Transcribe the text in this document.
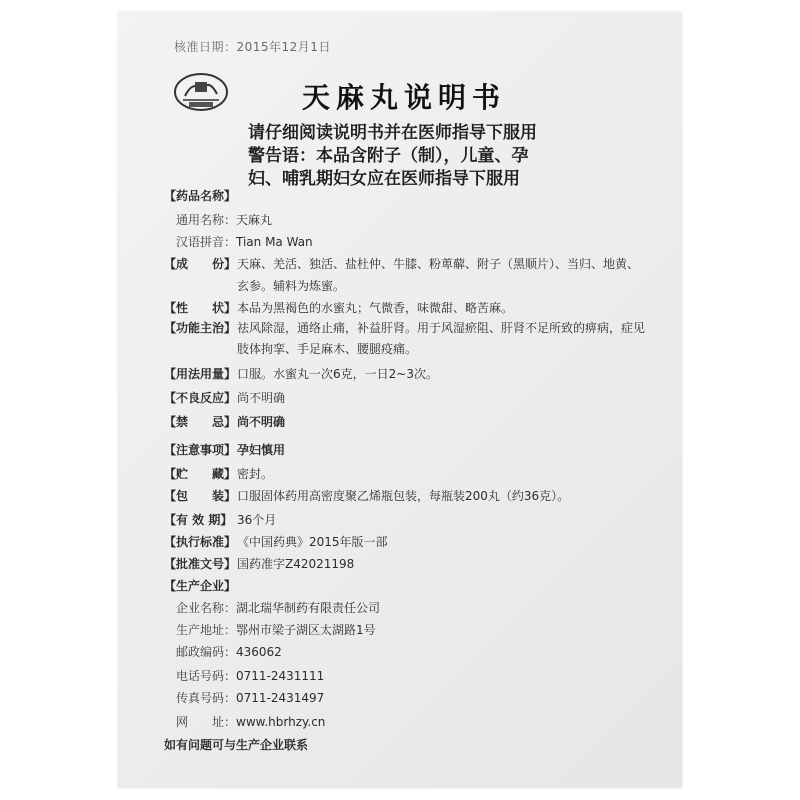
核准日期：2015年12月1日
天麻丸说明书
请仔细阅读说明书并在医师指导下服用
警告语：本品含附子（制），儿童、孕
妇、哺乳期妇女应在医师指导下服用
【药品名称】
通用名称： 天麻丸
汉语拼音： Tian Ma Wan
【成　　份】 天麻、羌活、独活、盐杜仲、牛膝、粉萆薢、附子（黑顺片）、当归、地黄、
玄参。辅料为炼蜜。
【性　　状】 本品为黑褐色的水蜜丸；气微香，味微甜、略苦麻。
【功能主治】 祛风除湿，通络止痛，补益肝肾。用于风湿瘀阻、肝肾不足所致的痹病，症见
肢体拘挛、手足麻木、腰腿疫痛。
【用法用量】 口服。水蜜丸一次6克，一日2~3次。
【不良反应】 尚不明确
【禁　　忌】 尚不明确
【注意事项】 孕妇慎用
【贮　　藏】 密封。
【包　　装】 口服固体药用高密度聚乙烯瓶包装，每瓶装200丸（约36克）。
【有 效 期】 36个月
【执行标准】 《中国药典》2015年版一部
【批准文号】 国药准字Z42021198
【生产企业】
企业名称： 湖北瑞华制药有限责任公司
生产地址： 鄂州市梁子湖区太湖路1号
邮政编码： 436062
电话号码： 0711-2431111
传真号码： 0711-2431497
网　　址： www.hbrhzy.cn
如有问题可与生产企业联系
